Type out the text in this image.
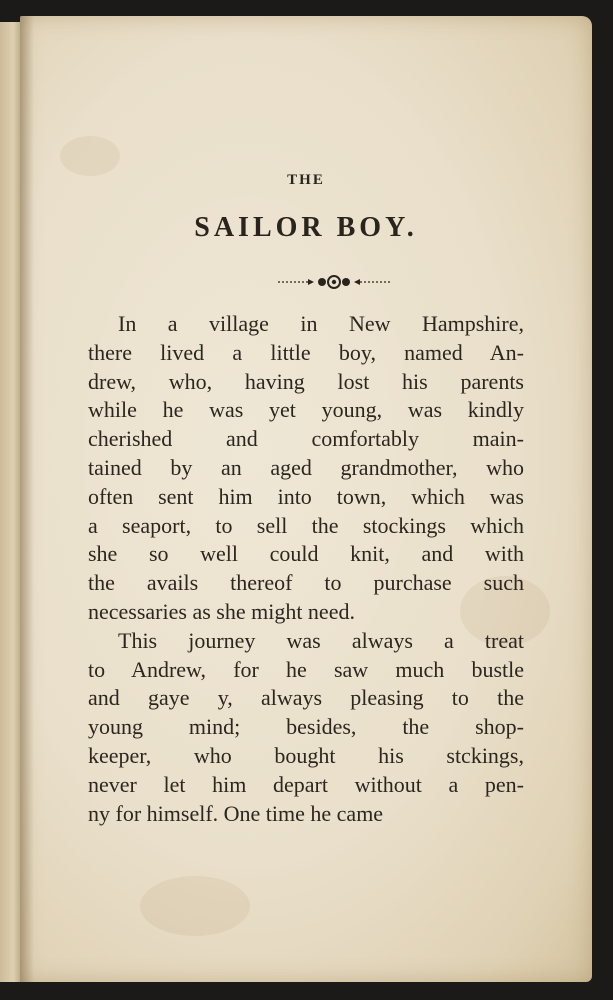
THE
SAILOR BOY.
In a village in New Hampshire,
there lived a little boy, named An-
drew, who, having lost his parents
while he was yet young, was kindly
cherished and comfortably main-
tained by an aged grandmother, who
often sent him into town, which was
a seaport, to sell the stockings which
she so well could knit, and with
the avails thereof to purchase such
necessaries as she might need.
This journey was always a treat
to Andrew, for he saw much bustle
and gaye y, always pleasing to the
young mind; besides, the shop-
keeper, who bought his stckings,
never let him depart without a pen-
ny for himself. One time he came
